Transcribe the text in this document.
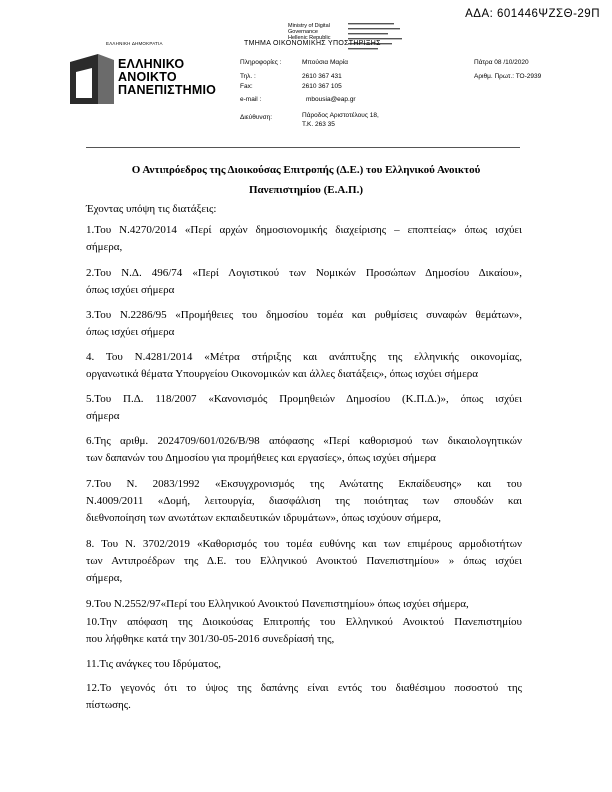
ΑΔΑ: 601446ΨΖΣΘ-29Π
ΕΛΛΗΝΙΚΗ ΔΗΜΟΚΡΑΤΙΑ
ΕΛΛΗΝΙΚΟ
ΑΝΟΙΚΤΟ
ΠΑΝΕΠΙΣΤΗΜΙΟ
Ministry of Digital
Governance
Hellenic Republic
ΤΜΗΜΑ ΟΙΚΟΝΟΜΙΚΗΣ ΥΠΟΣΤΗΡΙΞΗΣ
Πληροφορίες :	Μπούσια Μαρία
Τηλ. :	2610 367 431
Fax:	2610 367 105
e-mail :	mbousia@eap.gr
Διεύθυνση:	Πάροδος Αριστοτέλους 18,
Τ.Κ. 263 35
Πάτρα 08 /10/2020
Αριθμ. Πρωτ.: ΤΟ-2939
Ο Αντιπρόεδρος της Διοικούσας Επιτροπής (Δ.Ε.) του Ελληνικού Ανοικτού
Πανεπιστημίου (Ε.Α.Π.)
Έχοντας υπόψη τις διατάξεις:
1.Του Ν.4270/2014 «Περί αρχών δημοσιονομικής διαχείρισης – εποπτείας» όπως ισχύει
σήμερα,
2.Του Ν.Δ. 496/74 «Περί Λογιστικού των Νομικών Προσώπων Δημοσίου Δικαίου»,
όπως ισχύει σήμερα
3.Του Ν.2286/95 «Προμήθειες του δημοσίου τομέα και ρυθμίσεις συναφών θεμάτων»,
όπως ισχύει σήμερα
4. Του Ν.4281/2014 «Μέτρα στήριξης και ανάπτυξης της ελληνικής οικονομίας,
οργανωτικά θέματα Υπουργείου Οικονομικών και άλλες διατάξεις», όπως ισχύει σήμερα
5.Του Π.Δ. 118/2007 «Κανονισμός Προμηθειών Δημοσίου (Κ.Π.Δ.)», όπως ισχύει
σήμερα
6.Της αριθμ. 2024709/601/026/Β/98 απόφασης «Περί καθορισμού των δικαιολογητικών
των δαπανών του Δημοσίου για προμήθειες και εργασίες», όπως ισχύει σήμερα
7.Του Ν. 2083/1992 «Εκσυγχρονισμός της Ανώτατης Εκπαίδευσης» και του
Ν.4009/2011 «Δομή, λειτουργία, διασφάλιση της ποιότητας των σπουδών και
διεθνοποίηση των ανωτάτων εκπαιδευτικών ιδρυμάτων», όπως ισχύουν σήμερα,
8. Του Ν. 3702/2019 «Καθορισμός του τομέα ευθύνης και των επιμέρους αρμοδιοτήτων
των Αντιπροέδρων της Δ.Ε. του Ελληνικού Ανοικτού Πανεπιστημίου» » όπως ισχύει
σήμερα,
9.Του Ν.2552/97«Περί του Ελληνικού Ανοικτού Πανεπιστημίου» όπως ισχύει σήμερα,
10.Την απόφαση της Διοικούσας Επιτροπής του Ελληνικού Ανοικτού Πανεπιστημίου
που λήφθηκε κατά την 301/30-05-2016 συνεδρίασή της,
11.Τις ανάγκες του Ιδρύματος,
12.Το γεγονός ότι το ύψος της δαπάνης είναι εντός του διαθέσιμου ποσοστού της
πίστωσης.
